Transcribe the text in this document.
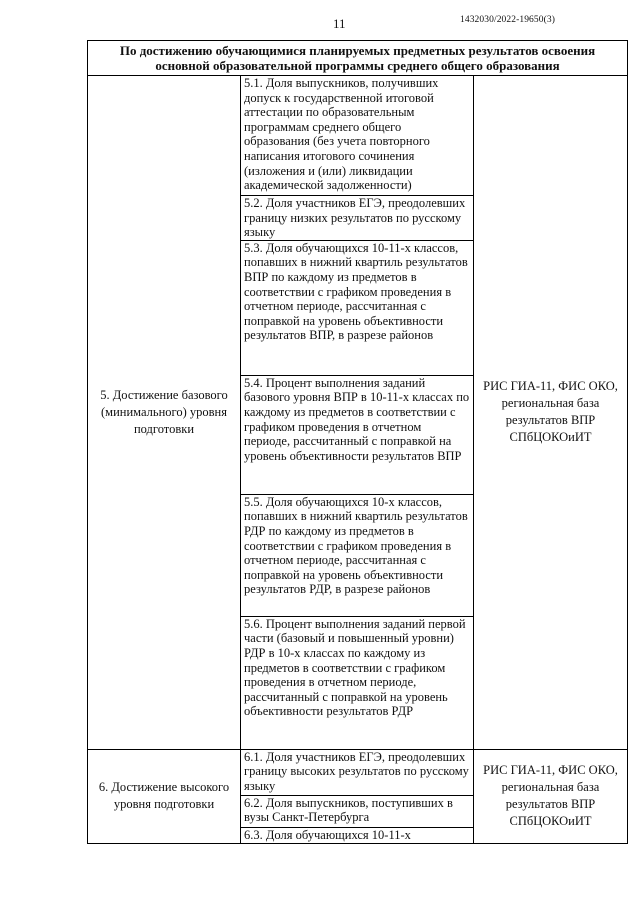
11	1432030/2022-19650(3)
По достижению обучающимися планируемых предметных результатов освоения основной образовательной программы среднего общего образования		
5. Достижение базового (минимального) уровня подготовки	5.1. Доля выпускников, получивших допуск к государственной итоговой аттестации по образовательным программам среднего общего образования (без учета повторного написания итогового сочинения (изложения и (или) ликвидации академической задолженности)	РИС ГИА-11, ФИС ОКО, региональная база результатов ВПР СПбЦОКОиИТ

	5.2. Доля участников ЕГЭ, преодолевших границу низких результатов по русскому языку	

	5.3. Доля обучающихся 10-11-х классов, попавших в нижний квартиль результатов ВПР по каждому из предметов в соответствии с графиком проведения в отчетном периоде, рассчитанная с поправкой на уровень объективности результатов ВПР, в разрезе районов	

	5.4. Процент выполнения заданий базового уровня ВПР в 10-11-х классах по каждому из предметов в соответствии с графиком проведения в отчетном периоде, рассчитанный с поправкой на уровень объективности результатов ВПР	

	5.5. Доля обучающихся 10-х классов, попавших в нижний квартиль результатов РДР по каждому из предметов в соответствии с графиком проведения в отчетном периоде, рассчитанная с поправкой на уровень объективности результатов РДР, в разрезе районов	

	5.6. Процент выполнения заданий первой части (базовый и повышенный уровни) РДР в 10-х классах по каждому из предметов в соответствии с графиком проведения в отчетном периоде, рассчитанный с поправкой на уровень объективности результатов РДР	

6. Достижение высокого уровня подготовки	6.1. Доля участников ЕГЭ, преодолевших границу высоких результатов по русскому языку	РИС ГИА-11, ФИС ОКО, региональная база результатов ВПР СПбЦОКОиИТ

	6.2. Доля выпускников, поступивших в вузы Санкт-Петербурга	

	6.3. Доля обучающихся 10-11-х	
